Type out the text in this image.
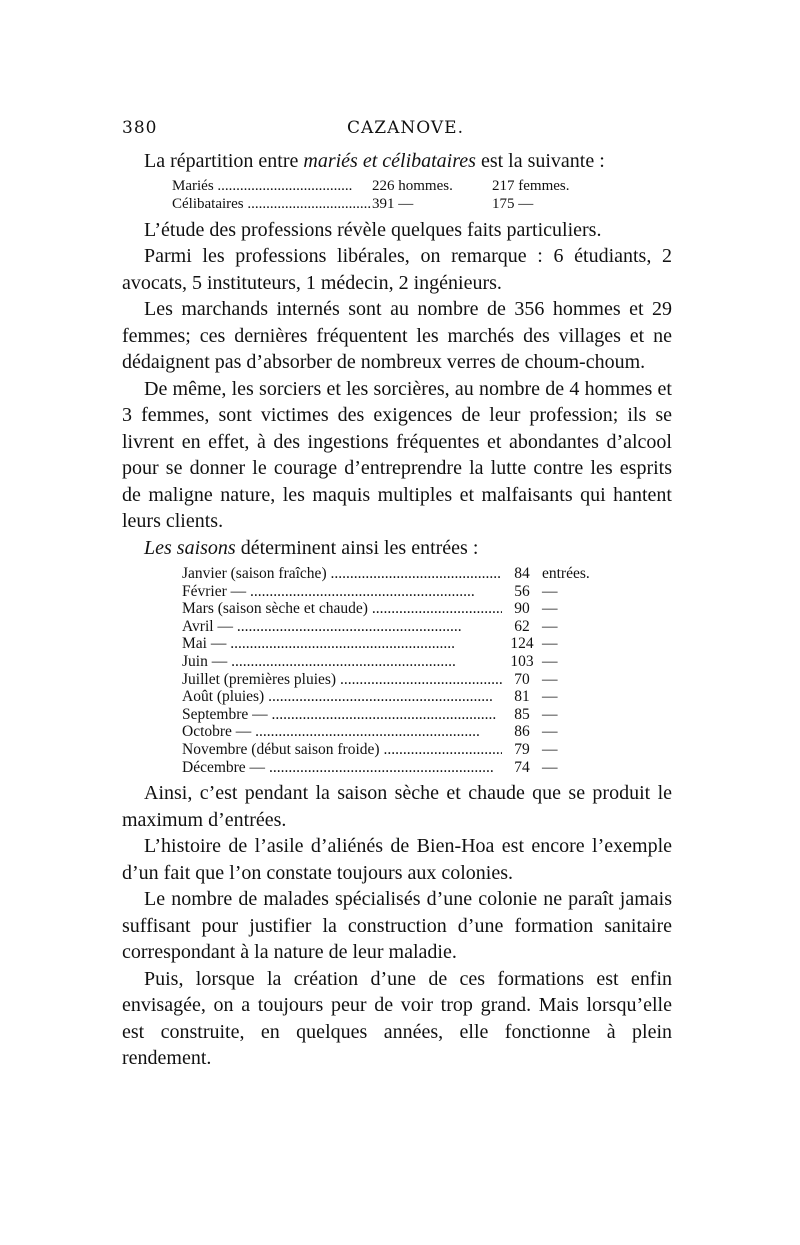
380	CAZANOVE.

La répartition entre mariés et célibataires est la suivante :

Mariés .....	226 hommes.	217 femmes.
Célibataires .....	391 —	175 —

L’étude des professions révèle quelques faits particuliers.

Parmi les professions libérales, on remarque : 6 étudiants, 2 avocats, 5 instituteurs, 1 médecin, 2 ingénieurs.

Les marchands internés sont au nombre de 356 hommes et 29 femmes; ces dernières fréquentent les marchés des villages et ne dédaignent pas d’absorber de nombreux verres de choum-choum.

De même, les sorciers et les sorcières, au nombre de 4 hommes et 3 femmes, sont victimes des exigences de leur profession; ils se livrent en effet, à des ingestions fréquentes et abondantes d’alcool pour se donner le courage d’entreprendre la lutte contre les esprits de maligne nature, les maquis multiples et malfaisants qui hantent leurs clients.

Les saisons déterminent ainsi les entrées :

Janvier (saison fraîche) .....	84 entrées.
Février — .....	56 —
Mars (saison sèche et chaude) .....	90 —
Avril — .....	62 —
Mai — .....	124 —
Juin — .....	103 —
Juillet (premières pluies) .....	70 —
Août (pluies) .....	81 —
Septembre — .....	85 —
Octobre — .....	86 —
Novembre (début saison froide) .....	79 —
Décembre — .....	74 —

Ainsi, c’est pendant la saison sèche et chaude que se produit le maximum d’entrées.

L’histoire de l’asile d’aliénés de Bien-Hoa est encore l’exemple d’un fait que l’on constate toujours aux colonies.

Le nombre de malades spécialisés d’une colonie ne paraît jamais suffisant pour justifier la construction d’une formation sanitaire correspondant à la nature de leur maladie.

Puis, lorsque la création d’une de ces formations est enfin envisagée, on a toujours peur de voir trop grand. Mais lorsqu’elle est construite, en quelques années, elle fonctionne à plein rendement.
